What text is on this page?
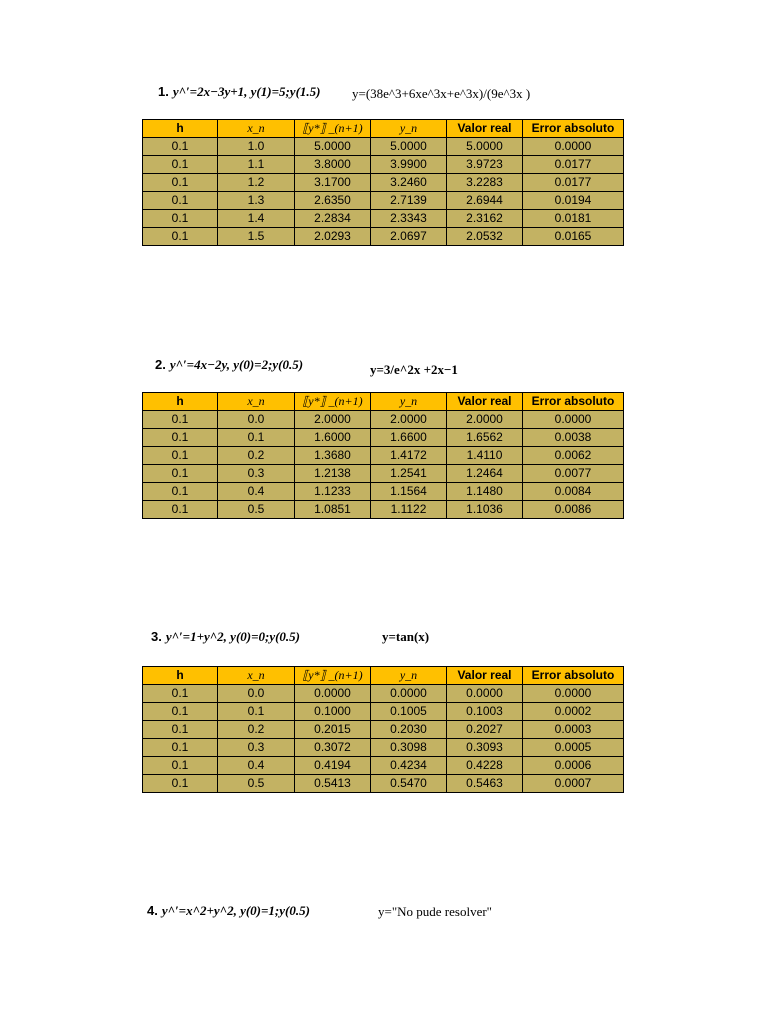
1. y^′=2x−3y+1, y(1)=5;y(1.5) y=(38e^3+6xe^3x+e^3x)/(9e^3x )
h	x_n	⟦y*⟧ _(n+1)	y_n	Valor real	Error absoluto
0.1	1.0	5.0000	5.0000	5.0000	0.0000
0.1	1.1	3.8000	3.9900	3.9723	0.0177
0.1	1.2	3.1700	3.2460	3.2283	0.0177
0.1	1.3	2.6350	2.7139	2.6944	0.0194
0.1	1.4	2.2834	2.3343	2.3162	0.0181
0.1	1.5	2.0293	2.0697	2.0532	0.0165
2. y^′=4x−2y, y(0)=2;y(0.5)	y=3/e^2x +2x−1
h	x_n	⟦y*⟧ _(n+1)	y_n	Valor real	Error absoluto
0.1	0.0	2.0000	2.0000	2.0000	0.0000
0.1	0.1	1.6000	1.6600	1.6562	0.0038
0.1	0.2	1.3680	1.4172	1.4110	0.0062
0.1	0.3	1.2138	1.2541	1.2464	0.0077
0.1	0.4	1.1233	1.1564	1.1480	0.0084
0.1	0.5	1.0851	1.1122	1.1036	0.0086
3. y^′=1+y^2, y(0)=0;y(0.5)	y=tan(x)
h	x_n	⟦y*⟧ _(n+1)	y_n	Valor real	Error absoluto
0.1	0.0	0.0000	0.0000	0.0000	0.0000
0.1	0.1	0.1000	0.1005	0.1003	0.0002
0.1	0.2	0.2015	0.2030	0.2027	0.0003
0.1	0.3	0.3072	0.3098	0.3093	0.0005
0.1	0.4	0.4194	0.4234	0.4228	0.0006
0.1	0.5	0.5413	0.5470	0.5463	0.0007
4. y^′=x^2+y^2, y(0)=1;y(0.5)	y="No pude resolver"
